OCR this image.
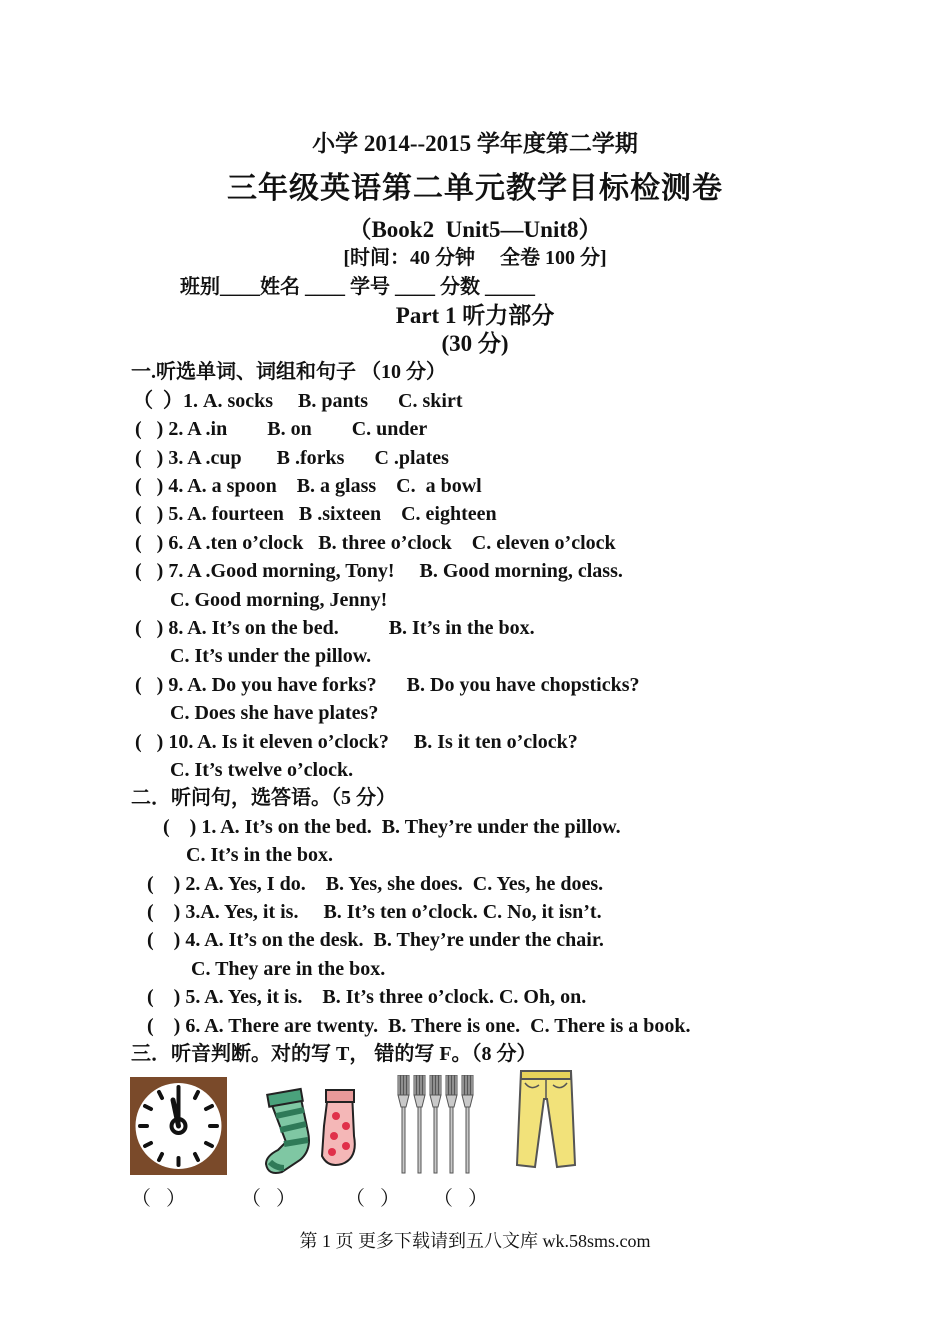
小学 2014--2015 学年度第二学期
三年级英语第二单元教学目标检测卷
（Book2  Unit5—Unit8）
[时间：40 分钟     全卷 100 分]
班别____姓名 ____ 学号 ____ 分数 _____
Part 1 听力部分
(30 分)
一.听选单词、词组和句子 （10 分）
（  ）1. A. socks     B. pants      C. skirt
(   ) 2. A .in        B. on        C. under
(   ) 3. A .cup       B .forks      C .plates
(   ) 4. A. a spoon    B. a glass    C.  a bowl
(   ) 5. A. fourteen   B .sixteen    C. eighteen
(   ) 6. A .ten o’clock   B. three o’clock    C. eleven o’clock
(   ) 7. A .Good morning, Tony!     B. Good morning, class.
C. Good morning, Jenny!
(   ) 8. A. It’s on the bed.          B. It’s in the box.
C. It’s under the pillow.
(   ) 9. A. Do you have forks?      B. Do you have chopsticks?
C. Does she have plates?
(   ) 10. A. Is it eleven o’clock?     B. Is it ten o’clock?
C. It’s twelve o’clock.
二．听问句，选答语。（5 分）
(    ) 1. A. It’s on the bed.  B. They’re under the pillow.
C. It’s in the box.
(    ) 2. A. Yes, I do.    B. Yes, she does.  C. Yes, he does.
(    ) 3.A. Yes, it is.     B. It’s ten o’clock. C. No, it isn’t.
(    ) 4. A. It’s on the desk.  B. They’re under the chair.
C. They are in the box.
(    ) 5. A. Yes, it is.    B. It’s three o’clock. C. Oh, on.
(    ) 6. A. There are twenty.  B. There is one.  C. There is a book.
三．听音判断。对的写 T， 错的写 F。（8 分）
（   ）	（   ） （   ） （   ）
第 1 页 更多下载请到五八文库 wk.58sms.com
